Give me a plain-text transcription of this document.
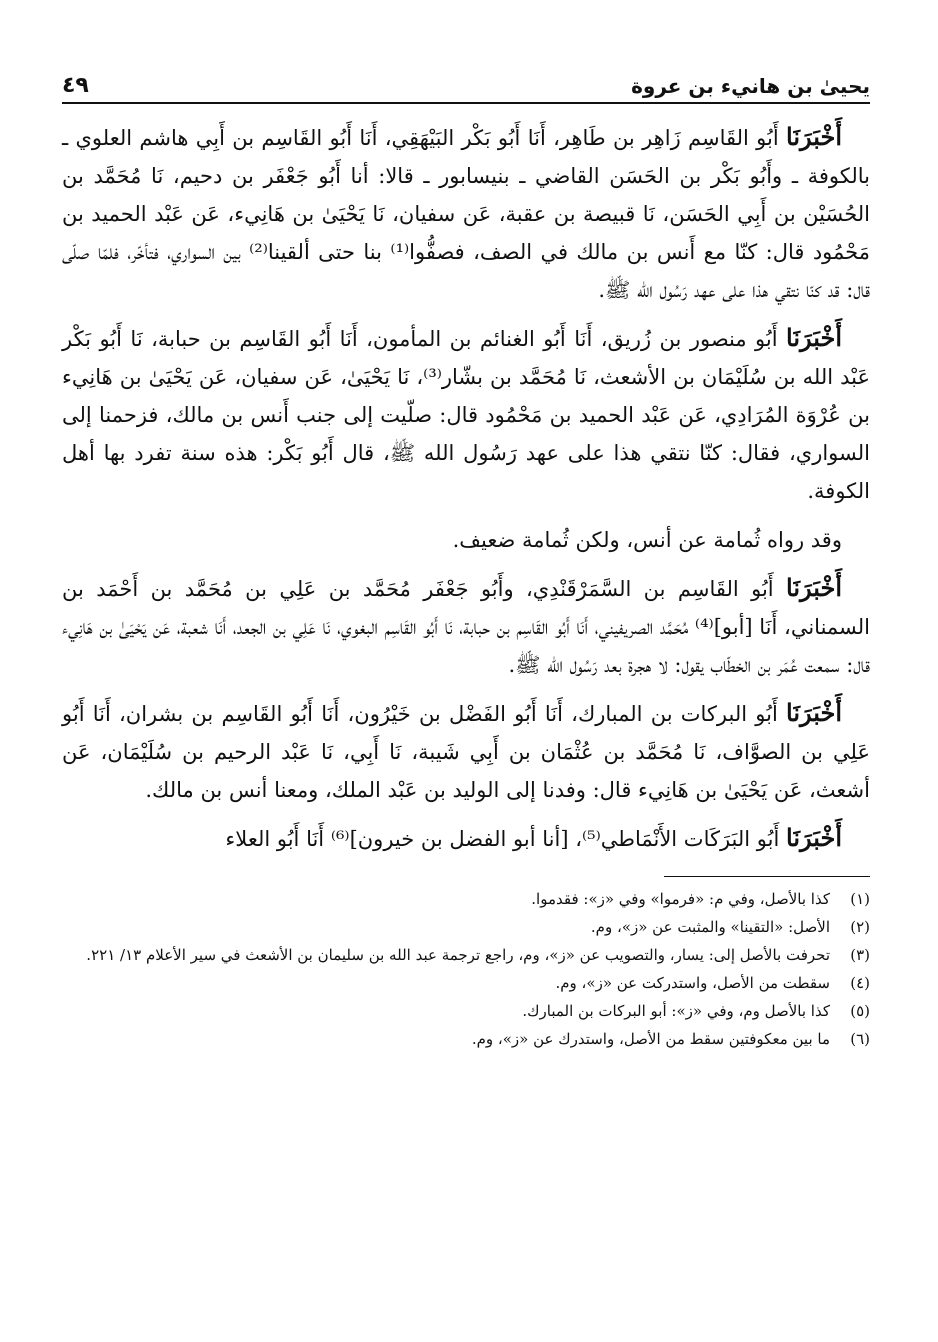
يحيىٰ بن هانيء بن عروة
٤٩

أَخْبَرَنَا أَبُو القَاسِم زَاهِر بن طَاهِر، أَنَا أَبُو بَكْر البَيْهَقِي، أَنَا أَبُو القَاسِم بن أَبِي هاشم العلوي ـ بالكوفة ـ وأَبُو بَكْر بن الحَسَن القاضي ـ بنيسابور ـ قالا: أنا أَبُو جَعْفَر بن دحيم، نَا مُحَمَّد بن الحُسَيْن بن أَبِي الحَسَن، نَا قبيصة بن عقبة، عَن سفيان، نَا يَحْيَىٰ بن هَانِيء، عَن عَبْد الحميد بن مَحْمُود قال: كنّا مع أَنس بن مالك في الصف، فصفُّوا⁽¹⁾ بنا حتى ألقينا⁽²⁾ بين السواري، فتأخّر، فلمّا صلّى قال: قد كنّا نتقي هذا على عهد رَسُول الله ﷺ.

أَخْبَرَنَا أَبُو منصور بن زُريق، أَنَا أَبُو الغنائم بن المأمون، أَنَا أَبُو القَاسِم بن حبابة، نَا أَبُو بَكْر عَبْد الله بن سُلَيْمَان بن الأشعث، نَا مُحَمَّد بن بشّار⁽³⁾، نَا يَحْيَىٰ، عَن سفيان، عَن يَحْيَىٰ بن هَانِيء بن عُرْوَة المُرَادِي، عَن عَبْد الحميد بن مَحْمُود قال: صلّيت إلى جنب أَنس بن مالك، فزحمنا إلى السواري، فقال: كنّا نتقي هذا على عهد رَسُول الله ﷺ، قال أَبُو بَكْر: هذه سنة تفرد بها أهل الكوفة.

وقد رواه ثُمامة عن أنس، ولكن ثُمامة ضعيف.

أَخْبَرَنَا أَبُو القَاسِم بن السَّمَرْقَنْدِي، وأَبُو جَعْفَر مُحَمَّد بن عَلِي بن مُحَمَّد بن أَحْمَد بن السمناني، أَنَا [أبو]⁽⁴⁾ مُحَمَّد الصريفيني، أَنَا أَبُو القَاسِم بن حبابة، نَا أَبُو القَاسِم البغوي، نَا عَلِي بن الجعد، أَنَا شعبة، عَن يَحْيَىٰ بن هَانِيء قال: سمعت عُمَر بن الخطّاب يقول: لا هجرة بعد رَسُول الله ﷺ.

أَخْبَرَنَا أَبُو البركات بن المبارك، أَنَا أَبُو الفَضْل بن خَيْرُون، أَنَا أَبُو القَاسِم بن بشران، أَنَا أَبُو عَلِي بن الصوَّاف، نَا مُحَمَّد بن عُثْمَان بن أَبِي شَيبة، نَا أَبِي، نَا عَبْد الرحيم بن سُلَيْمَان، عَن أشعث، عَن يَحْيَىٰ بن هَانِيء قال: وفدنا إلى الوليد بن عَبْد الملك، ومعنا أنس بن مالك.

أَخْبَرَنَا أَبُو البَرَكَات الأَنْمَاطي⁽⁵⁾، [أنا أبو الفضل بن خيرون]⁽⁶⁾ أَنَا أَبُو العلاء

(١)
كذا بالأصل، وفي م: «فرموا» وفي «ز»: فقدموا.
(٢)
الأصل: «التقينا» والمثبت عن «ز»، وم.
(٣)
تحرفت بالأصل إلى: يسار، والتصويب عن «ز»، وم، راجع ترجمة عبد الله بن سليمان بن الأشعث في سير الأعلام ١٣/ ٢٢١.
(٤)
سقطت من الأصل، واستدركت عن «ز»، وم.
(٥)
كذا بالأصل وم، وفي «ز»: أبو البركات بن المبارك.
(٦)
ما بين معكوفتين سقط من الأصل، واستدرك عن «ز»، وم.
